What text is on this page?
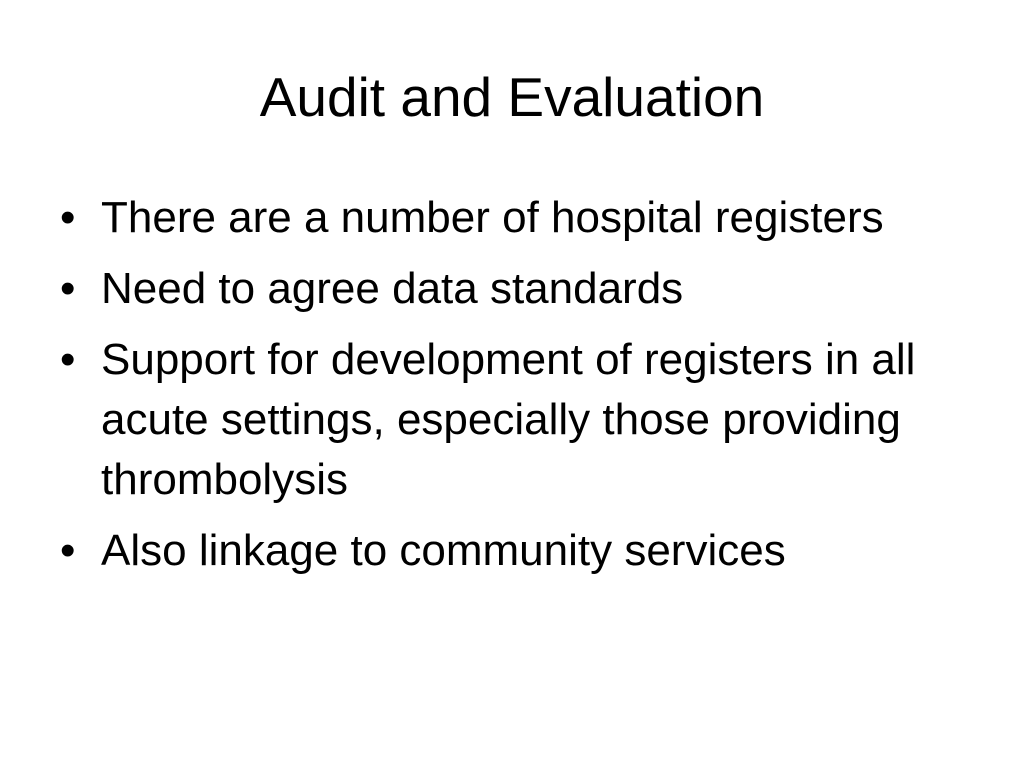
Audit and Evaluation
• There are a number of hospital registers
• Need to agree data standards
• Support for development of registers in all acute settings, especially those providing thrombolysis
• Also linkage to community services
